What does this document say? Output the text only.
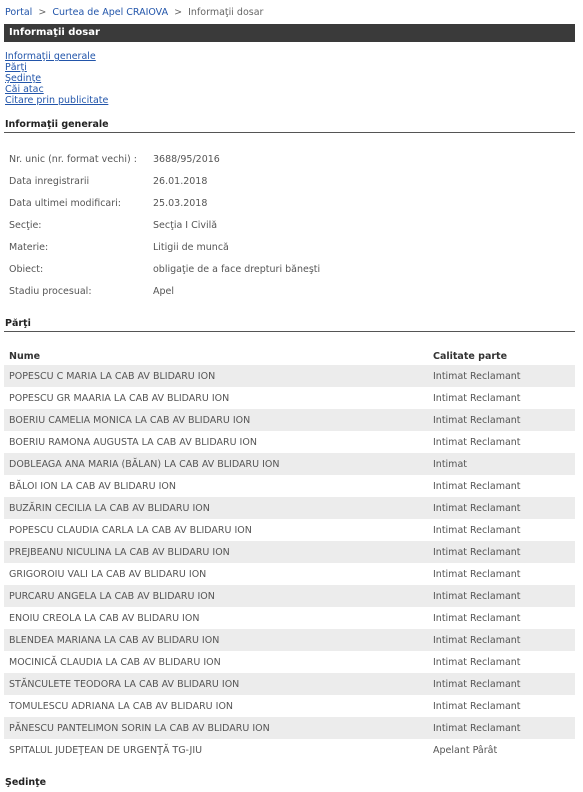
Portal > Curtea de Apel CRAIOVA > Informaţii dosar
Informaţii dosar
Informaţii generale
Părţi
Şedinţe
Căi atac
Citare prin publicitate
Informaţii generale
Nr. unic (nr. format vechi) : 3688/95/2016
Data inregistrarii	26.01.2018
Data ultimei modificari:	25.03.2018
Secţie:	Secţia I Civilă
Materie:	Litigii de muncă
Obiect:	obligaţie de a face drepturi băneşti
Stadiu procesual:	Apel
Părţi
Nume	Calitate parte
POPESCU C MARIA LA CAB AV BLIDARU ION	Intimat Reclamant
POPESCU GR MAARIA LA CAB AV BLIDARU ION	Intimat Reclamant
BOERIU CAMELIA MONICA LA CAB AV BLIDARU ION	Intimat Reclamant
BOERIU RAMONA AUGUSTA LA CAB AV BLIDARU ION	Intimat Reclamant
DOBLEAGA ANA MARIA (BĂLAN) LA CAB AV BLIDARU ION	Intimat
BĂLOI ION LA CAB AV BLIDARU ION	Intimat Reclamant
BUZĂRIN CECILIA LA CAB AV BLIDARU ION	Intimat Reclamant
POPESCU CLAUDIA CARLA LA CAB AV BLIDARU ION	Intimat Reclamant
PREJBEANU NICULINA LA CAB AV BLIDARU ION	Intimat Reclamant
GRIGOROIU VALI LA CAB AV BLIDARU ION	Intimat Reclamant
PURCARU ANGELA LA CAB AV BLIDARU ION	Intimat Reclamant
ENOIU CREOLA LA CAB AV BLIDARU ION	Intimat Reclamant
BLENDEA MARIANA LA CAB AV BLIDARU ION	Intimat Reclamant
MOCINICĂ CLAUDIA LA CAB AV BLIDARU ION	Intimat Reclamant
STĂNCULETE TEODORA LA CAB AV BLIDARU ION	Intimat Reclamant
TOMULESCU ADRIANA LA CAB AV BLIDARU ION	Intimat Reclamant
PĂNESCU PANTELIMON SORIN LA CAB AV BLIDARU ION	Intimat Reclamant
SPITALUL JUDEŢEAN DE URGENŢĂ TG-JIU	Apelant Pârât
Şedinţe
